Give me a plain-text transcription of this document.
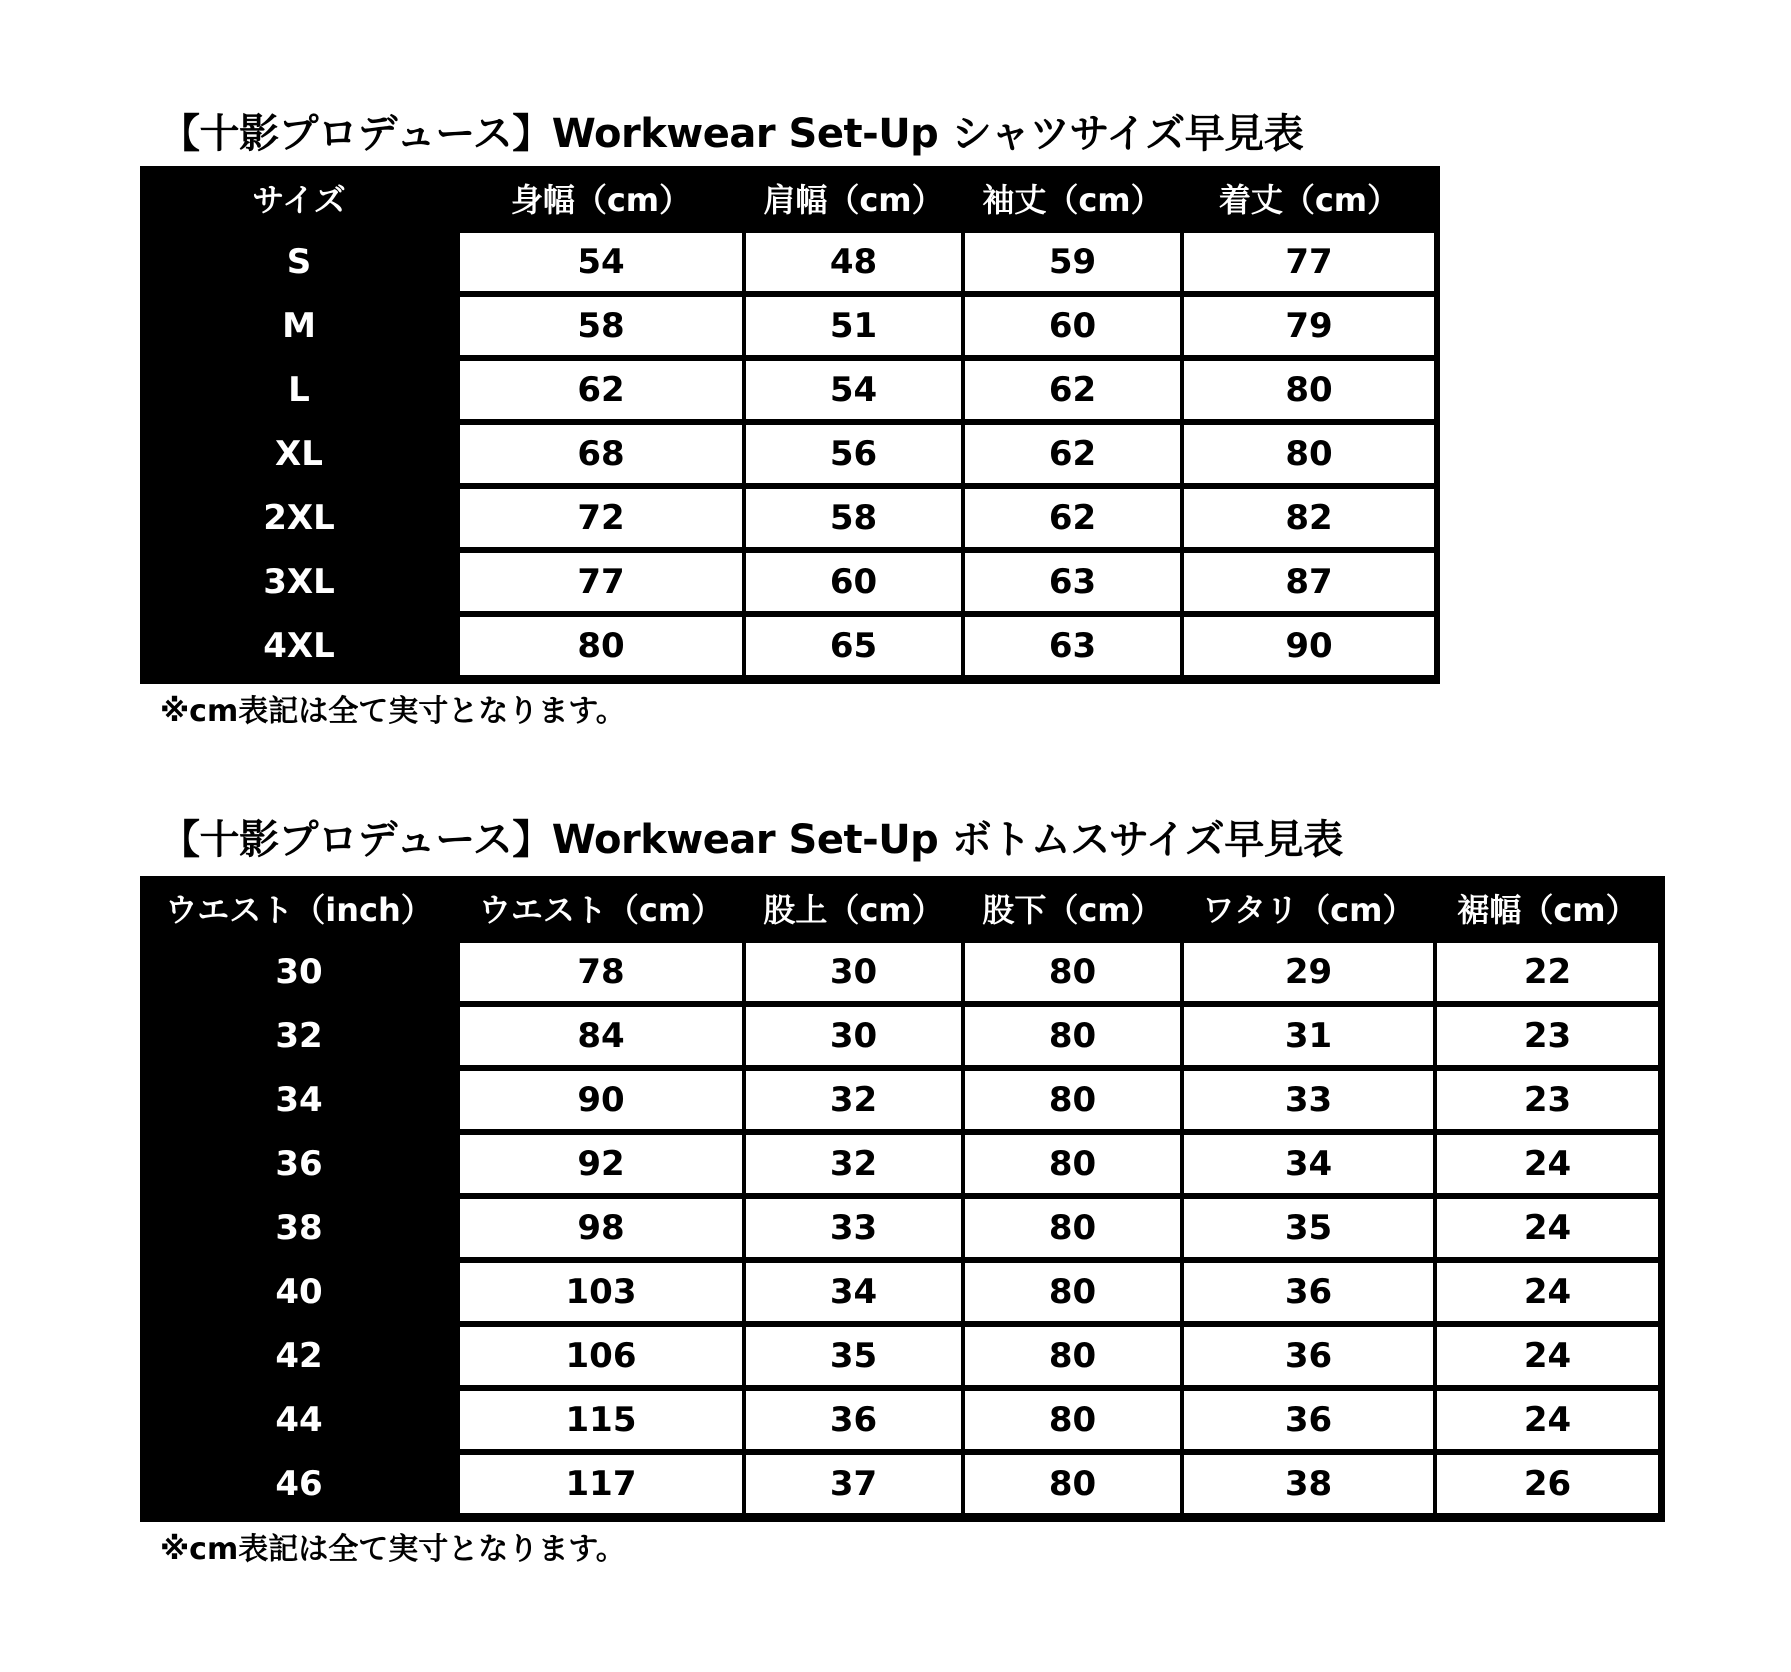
【十影プロデュース】Workwear Set-Up シャツサイズ早見表
サイズ	身幅（cm）	肩幅（cm）	袖丈（cm）	着丈（cm）
S	54	48	59	77
M	58	51	60	79
L	62	54	62	80
XL	68	56	62	80
2XL	72	58	62	82
3XL	77	60	63	87
4XL	80	65	63	90
※cm表記は全て実寸となります。
【十影プロデュース】Workwear Set-Up ボトムスサイズ早見表
ウエスト（inch）	ウエスト（cm）	股上（cm）	股下（cm）	ワタリ（cm）	裾幅（cm）
30	78	30	80	29	22
32	84	30	80	31	23
34	90	32	80	33	23
36	92	32	80	34	24
38	98	33	80	35	24
40	103	34	80	36	24
42	106	35	80	36	24
44	115	36	80	36	24
46	117	37	80	38	26
※cm表記は全て実寸となります。
